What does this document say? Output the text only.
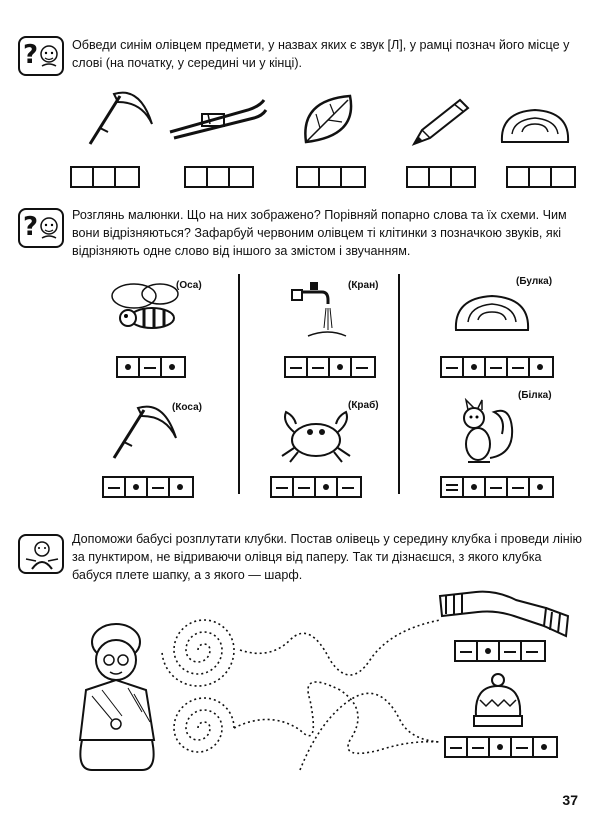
?	Обведи синім олівцем предмети, у назвах яких є звук [Л], у рамці познач його місце у слові (на початку, у середині чи у кінці).
?	Розглянь малюнки. Що на них зображено? Порівняй попарно слова та їх схеми. Чим вони відрізняються? Зафарбуй червоним олівцем ті клітинки з позначкою звуків, які відрізняють одне слово від іншого за змістом і звучанням.
(Оса)	(Кран)	(Булка)
(Коса)	(Краб)
(Білка)
Допоможи бабусі розплутати клубки. Постав олівець у середину клубка і проведи лінію за пунктиром, не відриваючи олівця від паперу. Так ти дізнаєшся, з якого клубка бабуся плете шапку, а з якого — шарф.
37
